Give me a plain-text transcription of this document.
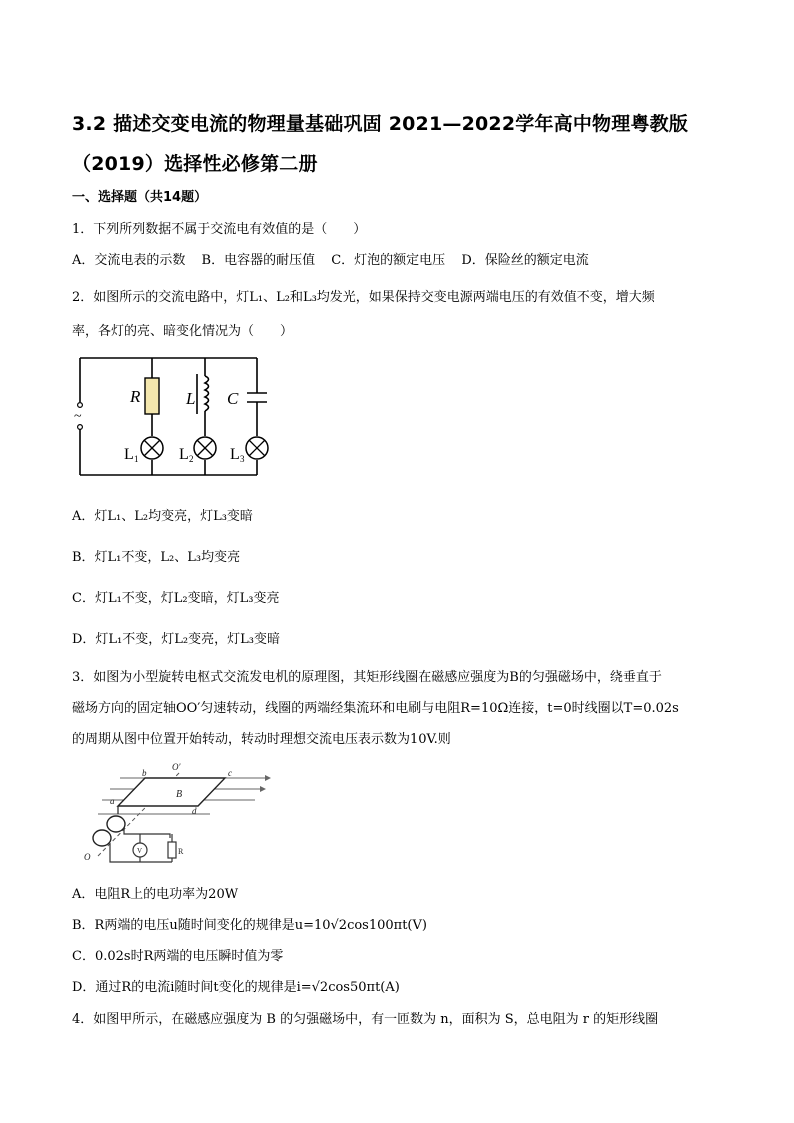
3.2 描述交变电流的物理量基础巩固 2021—2022学年高中物理粤教版
（2019）选择性必修第二册
一、选择题（共14题）
1．下列所列数据不属于交流电有效值的是（　　）
A．交流电表的示数 B．电容器的耐压值 C．灯泡的额定电压 D．保险丝的额定电流
2．如图所示的交流电路中，灯L₁、L₂和L₃均发光，如果保持交变电源两端电压的有效值不变，增大频
率，各灯的亮、暗变化情况为（　　）
R	L C
L 1	L 2 L 3
~
A．灯L₁、L₂均变亮，灯L₃变暗
B．灯L₁不变，L₂、L₃均变亮
C．灯L₁不变，灯L₂变暗，灯L₃变亮
D．灯L₁不变，灯L₂变亮，灯L₃变暗
3．如图为小型旋转电枢式交流发电机的原理图，其矩形线圈在磁感应强度为B的匀强磁场中，绕垂直于
磁场方向的固定轴OO′匀速转动，线圈的两端经集流环和电刷与电阻R=10Ω连接，t=0时线圈以T=0.02s
的周期从图中位置开始转动，转动时理想交流电压表示数为10V.则
O′
b	c
B
a
d
O
V	R
A．电阻R上的电功率为20W
B．R两端的电压u随时间变化的规律是u=10√2cos100πt(V)
C．0.02s时R两端的电压瞬时值为零
D．通过R的电流i随时间t变化的规律是i=√2cos50πt(A)
4．如图甲所示，在磁感应强度为 B 的匀强磁场中，有一匝数为 n，面积为 S，总电阻为 r 的矩形线圈
